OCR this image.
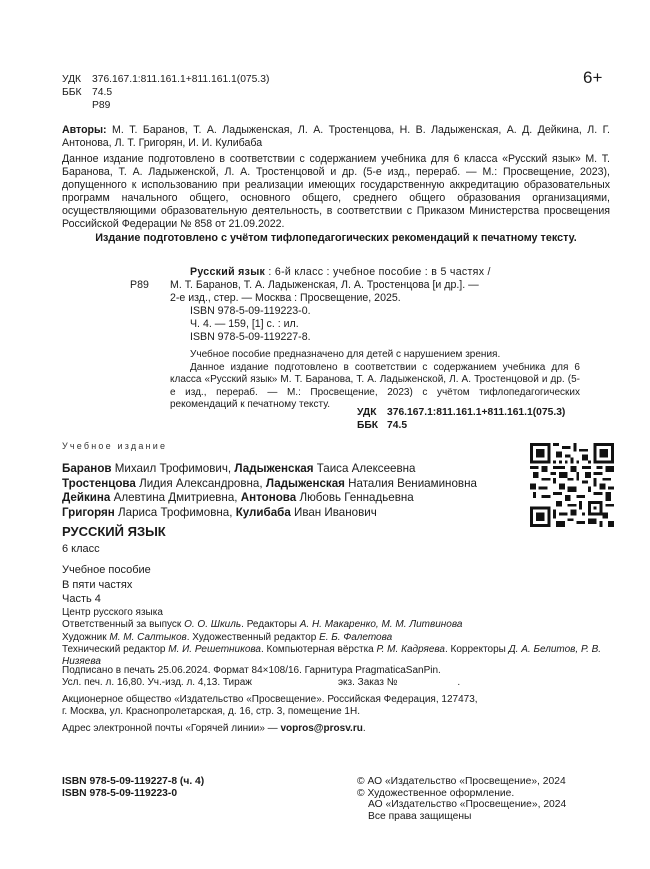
УДК	376.167.1:811.161.1+811.161.1(075.3)
ББК	74.5
Р89
6+
Авторы: М. Т. Баранов, Т. А. Ладыженская, Л. А. Тростенцова, Н. В. Ладыженская, А. Д. Дейкина, Л. Г. Антонова, Л. Т. Григорян, И. И. Кулибаба
Данное издание подготовлено в соответствии с содержанием учебника для 6 класса «Русский язык» М. Т. Баранова, Т. А. Ладыженской, Л. А. Тростенцовой и др. (5-е изд., перераб. — М.: Просвещение, 2023), допущенного к использованию при реализации имеющих государственную аккредитацию образовательных программ начального общего, основного общего, среднего общего образования организациями, осуществляющими образовательную деятельность, в соответствии с Приказом Министерства просвещения Российской Федерации № 858 от 21.09.2022.
Издание подготовлено с учётом тифлопедагогических рекомендаций к печатному тексту.
Р89
Русский язык : 6-й класс : учебное пособие : в 5 частях /
М. Т. Баранов, Т. А. Ладыженская, Л. А. Тростенцова [и др.]. —
2-е изд., стер. — Москва : Просвещение, 2025.
ISBN 978-5-09-119223-0.
Ч. 4. — 159, [1] с. : ил.
ISBN 978-5-09-119227-8.
Учебное пособие предназначено для детей с нарушением зрения.
Данное издание подготовлено в соответствии с содержанием учебника для 6 класса «Русский язык» М. Т. Баранова, Т. А. Ладыженской, Л. А. Тростенцовой и др. (5-е изд., перераб. — М.: Просвещение, 2023) с учётом тифлопедагогических рекомендаций к печатному тексту.
УДК	376.167.1:811.161.1+811.161.1(075.3)
ББК 74.5
Учебное издание
Баранов Михаил Трофимович, Ладыженская Таиса Алексеевна
Тростенцова Лидия Александровна, Ладыженская Наталия Вениаминовна
Дейкина Алевтина Дмитриевна, Антонова Любовь Геннадьевна
Григорян Лариса Трофимовна, Кулибаба Иван Иванович
РУССКИЙ ЯЗЫК
6 класс
Учебное пособие
В пяти частях
Часть 4
Центр русского языка
Ответственный за выпуск О. О. Шкиль. Редакторы А. Н. Макаренко, М. М. Литвинова
Художник М. М. Салтыков. Художественный редактор Е. Б. Фалетова
Технический редактор М. И. Решетникова. Компьютерная вёрстка Р. М. Кадряева. Корректоры Д. А. Белитов, Р. В. Низяева
Подписано в печать 25.06.2024. Формат 84×108/16. Гарнитура PragmaticaSanPin.
Усл. печ. л. 16,80. Уч.-изд. л. 4,13. Тираж	экз. Заказ №	.
Акционерное общество «Издательство «Просвещение». Российская Федерация, 127473,
г. Москва, ул. Краснопролетарская, д. 16, стр. 3, помещение 1Н.
Адрес электронной почты «Горячей линии» — vopros@prosv.ru.
ISBN 978-5-09-119227-8 (ч. 4)
ISBN 978-5-09-119223-0
© АО «Издательство «Просвещение», 2024
© Художественное оформление.
АО «Издательство «Просвещение», 2024
Все права защищены
